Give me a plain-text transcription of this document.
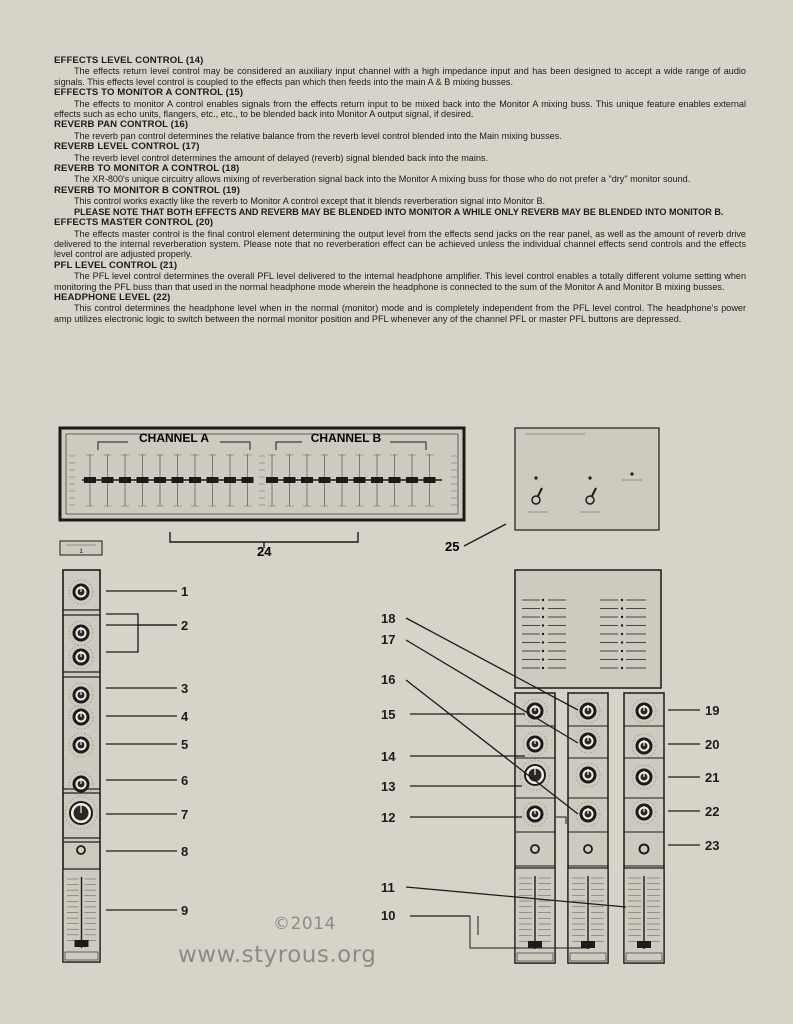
EFFECTS LEVEL CONTROL (14)
The effects return level control may be considered an auxiliary input channel with a high impedance input and has been designed to accept a wide range of audio signals. This effects level control is coupled to the effects pan which then feeds into the main A & B mixing busses.
EFFECTS TO MONITOR A CONTROL (15)
The effects to monitor A control enables signals from the effects return input to be mixed back into the Monitor A mixing buss. This unique feature enables external effects such as echo units, flangers, etc., etc., to be blended back into Monitor A output signal, if desired.
REVERB PAN CONTROL (16)
The reverb pan control determines the relative balance from the reverb level control blended into the Main mixing busses.
REVERB LEVEL CONTROL (17)
The reverb level control determines the amount of delayed (reverb) signal blended back into the mains.
REVERB TO MONITOR A CONTROL (18)
The XR-800's unique circuitry allows mixing of reverberation signal back into the Monitor A mixing buss for those who do not prefer a "dry" monitor sound.
REVERB TO MONITOR B CONTROL (19)
This control works exactly like the reverb to Monitor A control except that it blends reverberation signal into Monitor B.
PLEASE NOTE THAT BOTH EFFECTS AND REVERB MAY BE BLENDED INTO MONITOR A WHILE ONLY REVERB MAY BE BLENDED INTO MONITOR B.
EFFECTS MASTER CONTROL (20)
The effects master control is the final control element determining the output level from the effects send jacks on the rear panel, as well as the amount of reverb drive delivered to the internal reverberation system. Please note that no reverberation effect can be achieved unless the individual channel effects send controls and the effects level control are adjusted properly.
PFL LEVEL CONTROL (21)
The PFL level control determines the overall PFL level delivered to the internal headphone amplifier. This level control enables a totally different volume setting when monitoring the PFL buss than that used in the normal headphone mode wherein the headphone is connected to the sum of the Monitor A and Monitor B mixing busses.
HEADPHONE LEVEL (22)
This control determines the headphone level when in the normal (monitor) mode and is completely independent from the PFL level control. The headphone's power amp utilizes electronic logic to switch between the normal monitor position and PFL whenever any of the channel PFL or master PFL buttons are depressed.
CHANNEL A	CHANNEL B
24	25
1
1
3
4
5
6
7
8
9
2	18
17
16
15
14
13
12
11
10
19
20
21
22
23
©2014
www.styrous.org
